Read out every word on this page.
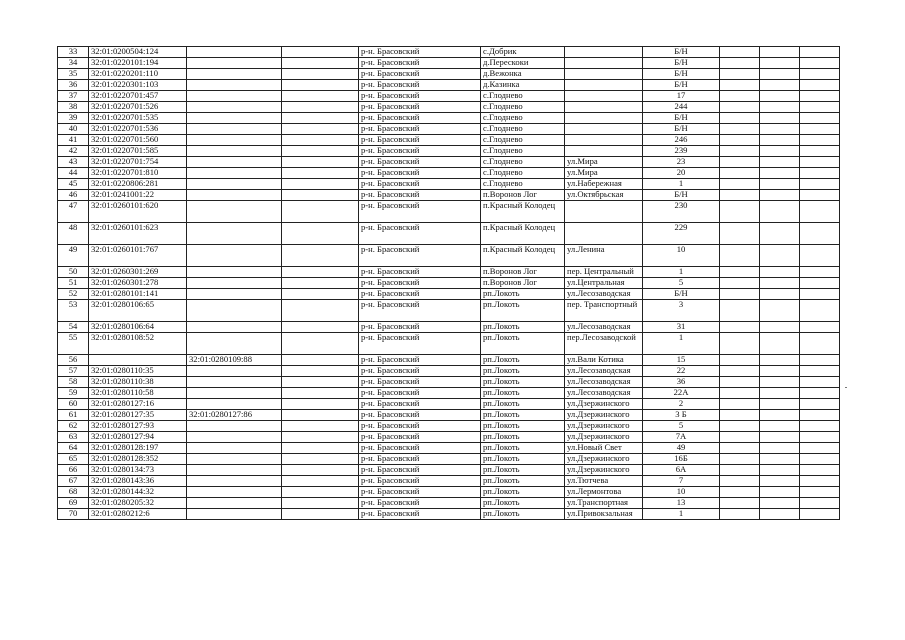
33	32:01:0200504:124			р-н. Брасовский	с.Добрик		Б/Н			
34	32:01:0220101:194			р-н. Брасовский	д.Перескоки		Б/Н			
35	32:01:0220201:110			р-н. Брасовский	д.Вежонка		Б/Н			
36	32:01:0220301:103			р-н. Брасовский	д.Казинка		Б/Н			
37	32:01:0220701:457			р-н. Брасовский	с.Глоднево		17			
38	32:01:0220701:526			р-н. Брасовский	с.Глоднево		244			
39	32:01:0220701:535			р-н. Брасовский	с.Глоднево		Б/Н			
40	32:01:0220701:536			р-н. Брасовский	с.Глоднево		Б/Н			
41	32:01:0220701:560			р-н. Брасовский	с.Глоднево		246			
42	32:01:0220701:585			р-н. Брасовский	с.Глоднево		239			
43	32:01:0220701:754			р-н. Брасовский	с.Глоднево	ул.Мира	23			
44	32:01:0220701:810			р-н. Брасовский	с.Глоднево	ул.Мира	20			
45	32:01:0220806:281			р-н. Брасовский	с.Глоднево	ул.Набережная	1			
46	32:01:0241001:22			р-н. Брасовский	п.Воронов Лог	ул.Октябрьская	Б/Н			
47	32:01:0260101:620			р-н. Брасовский	п.Красный Колодец		230			
48	32:01:0260101:623			р-н. Брасовский	п.Красный Колодец		229			
49	32:01:0260101:767			р-н. Брасовский	п.Красный Колодец	ул.Ленина	10			
50	32:01:0260301:269			р-н. Брасовский	п.Воронов Лог	пер. Центральный	1			
51	32:01:0260301:278			р-н. Брасовский	п.Воронов Лог	ул.Центральная	5			
52	32:01:0280101:141			р-н. Брасовский	рп.Локоть	ул.Лесозаводская	Б/Н			
53	32:01:0280106:65			р-н. Брасовский	рп.Локоть	пер. Транспортный	3			
54	32:01:0280106:64			р-н. Брасовский	рп.Локоть	ул.Лесозаводская	31			
55	32:01:0280108:52			р-н. Брасовский	рп.Локоть	пер.Лесозаводской	1			
56		32:01:0280109:88		р-н. Брасовский	рп.Локоть	ул.Вали Котика	15			
57	32:01:0280110:35			р-н. Брасовский	рп.Локоть	ул.Лесозаводская	22			
58	32:01:0280110:38			р-н. Брасовский	рп.Локоть	ул.Лесозаводская	36			
59	32:01:0280110:58			р-н. Брасовский	рп.Локоть	ул.Лесозаводская	22А			
60	32:01:0280127:16			р-н. Брасовский	рп.Локоть	ул.Дзержинского	2			
61	32:01:0280127:35	32:01:0280127:86		р-н. Брасовский	рп.Локоть	ул.Дзержинского	3 Б			
62	32:01:0280127:93			р-н. Брасовский	рп.Локоть	ул.Дзержинского	5			
63	32:01:0280127:94			р-н. Брасовский	рп.Локоть	ул.Дзержинского	7А			
64	32:01:0280128:197			р-н. Брасовский	рп.Локоть	ул.Новый Свет	49			
65	32:01:0280128:352			р-н. Брасовский	рп.Локоть	ул.Дзержинского	16Б			
66	32:01:0280134:73			р-н. Брасовский	рп.Локоть	ул.Дзержинского	6А			
67	32:01:0280143:36			р-н. Брасовский	рп.Локоть	ул.Тютчева	7			
68	32:01:0280144:32			р-н. Брасовский	рп.Локоть	ул.Лермонтова	10			
69	32:01:0280205:32			р-н. Брасовский	рп.Локоть	ул.Транспортная	13			
70	32:01:0280212:6			р-н. Брасовский	рп.Локоть	ул.Привокзальная	1			
